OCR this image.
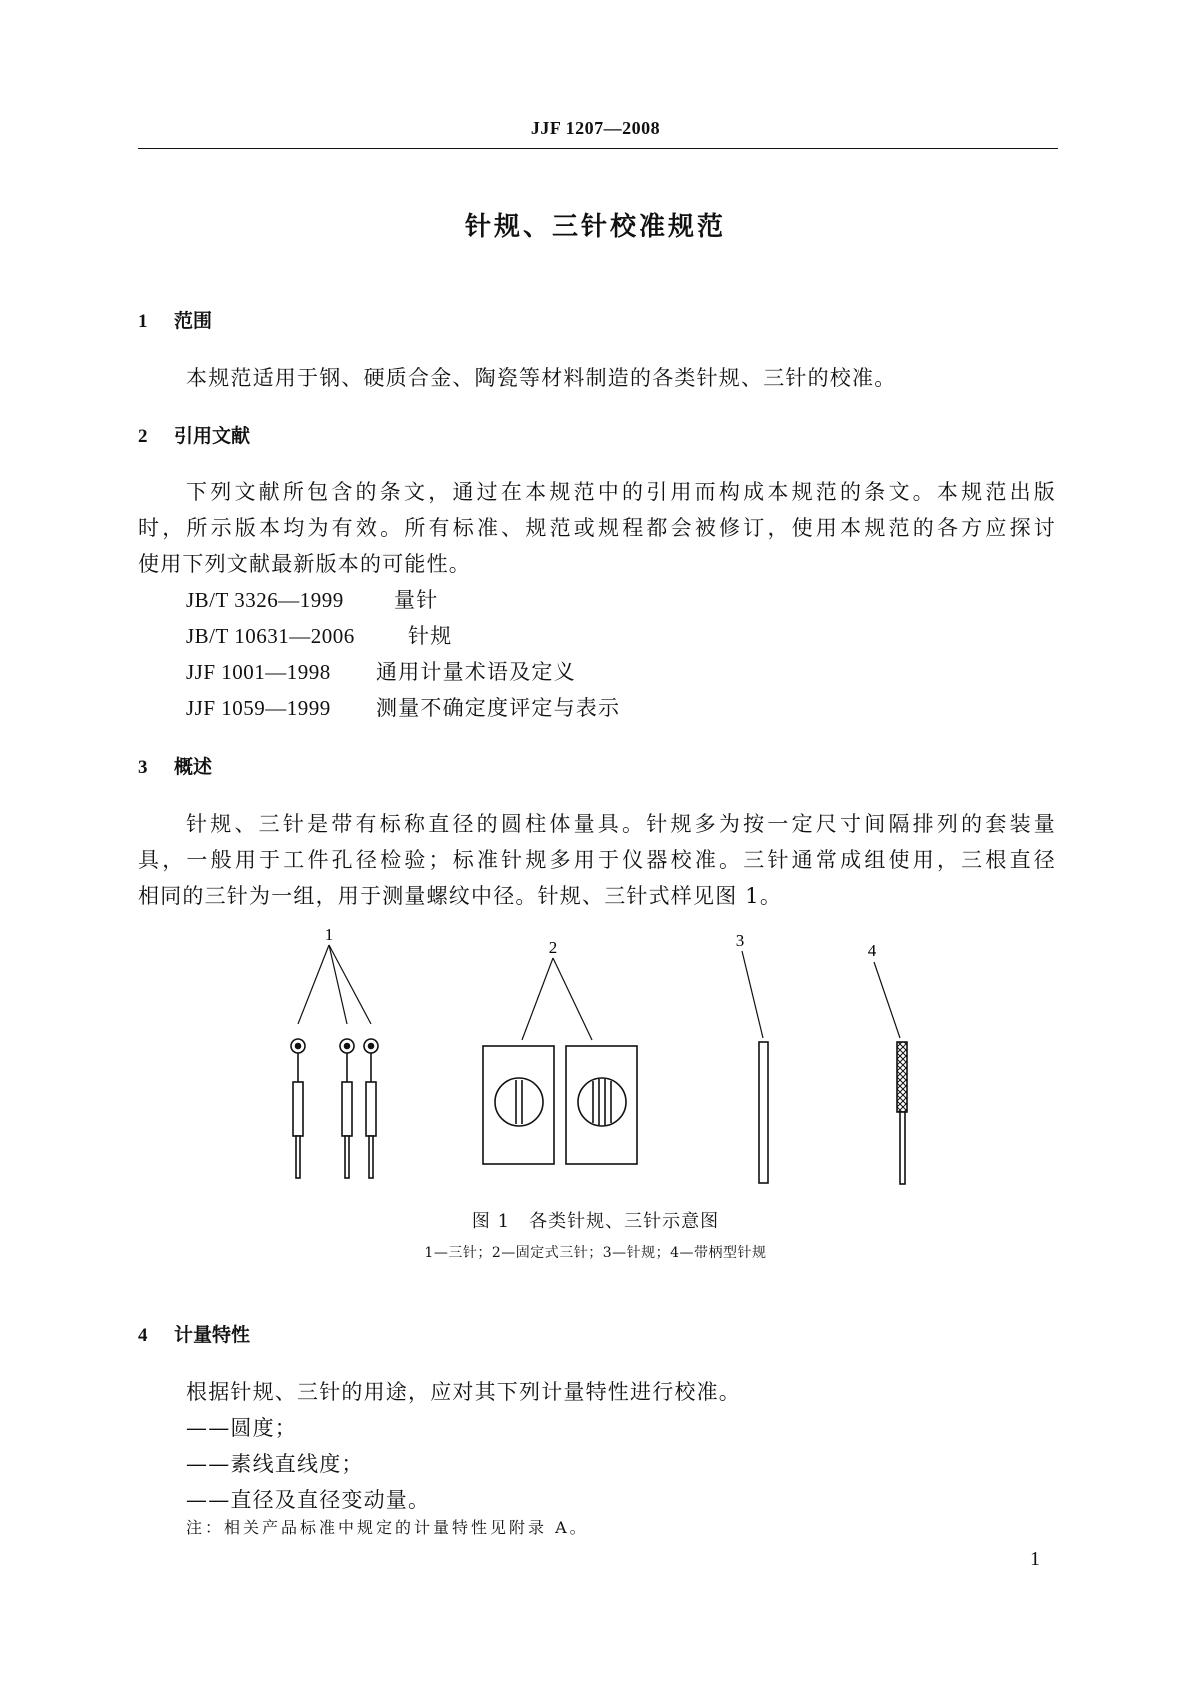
JJF 1207—2008
针规、三针校准规范
1 范围
本规范适用于钢、硬质合金、陶瓷等材料制造的各类针规、三针的校准。
2 引用文献
下列文献所包含的条文，通过在本规范中的引用而构成本规范的条文。本规范出版
时，所示版本均为有效。所有标准、规范或规程都会被修订，使用本规范的各方应探讨
使用下列文献最新版本的可能性。
JB/T 3326—1999 量针
JB/T 10631—2006	针规
JJF 1001—1998 通用计量术语及定义
JJF 1059—1999 测量不确定度评定与表示
3 概述
针规、三针是带有标称直径的圆柱体量具。针规多为按一定尺寸间隔排列的套装量
具，一般用于工件孔径检验；标准针规多用于仪器校准。三针通常成组使用，三根直径
相同的三针为一组，用于测量螺纹中径。针规、三针式样见图 1。
1
2	3
4
图 1　各类针规、三针示意图
1—三针；2—固定式三针；3—针规；4—带柄型针规
4 计量特性
根据针规、三针的用途，应对其下列计量特性进行校准。
——圆度；
——素线直线度；
——直径及直径变动量。
注：相关产品标准中规定的计量特性见附录 A。
1
